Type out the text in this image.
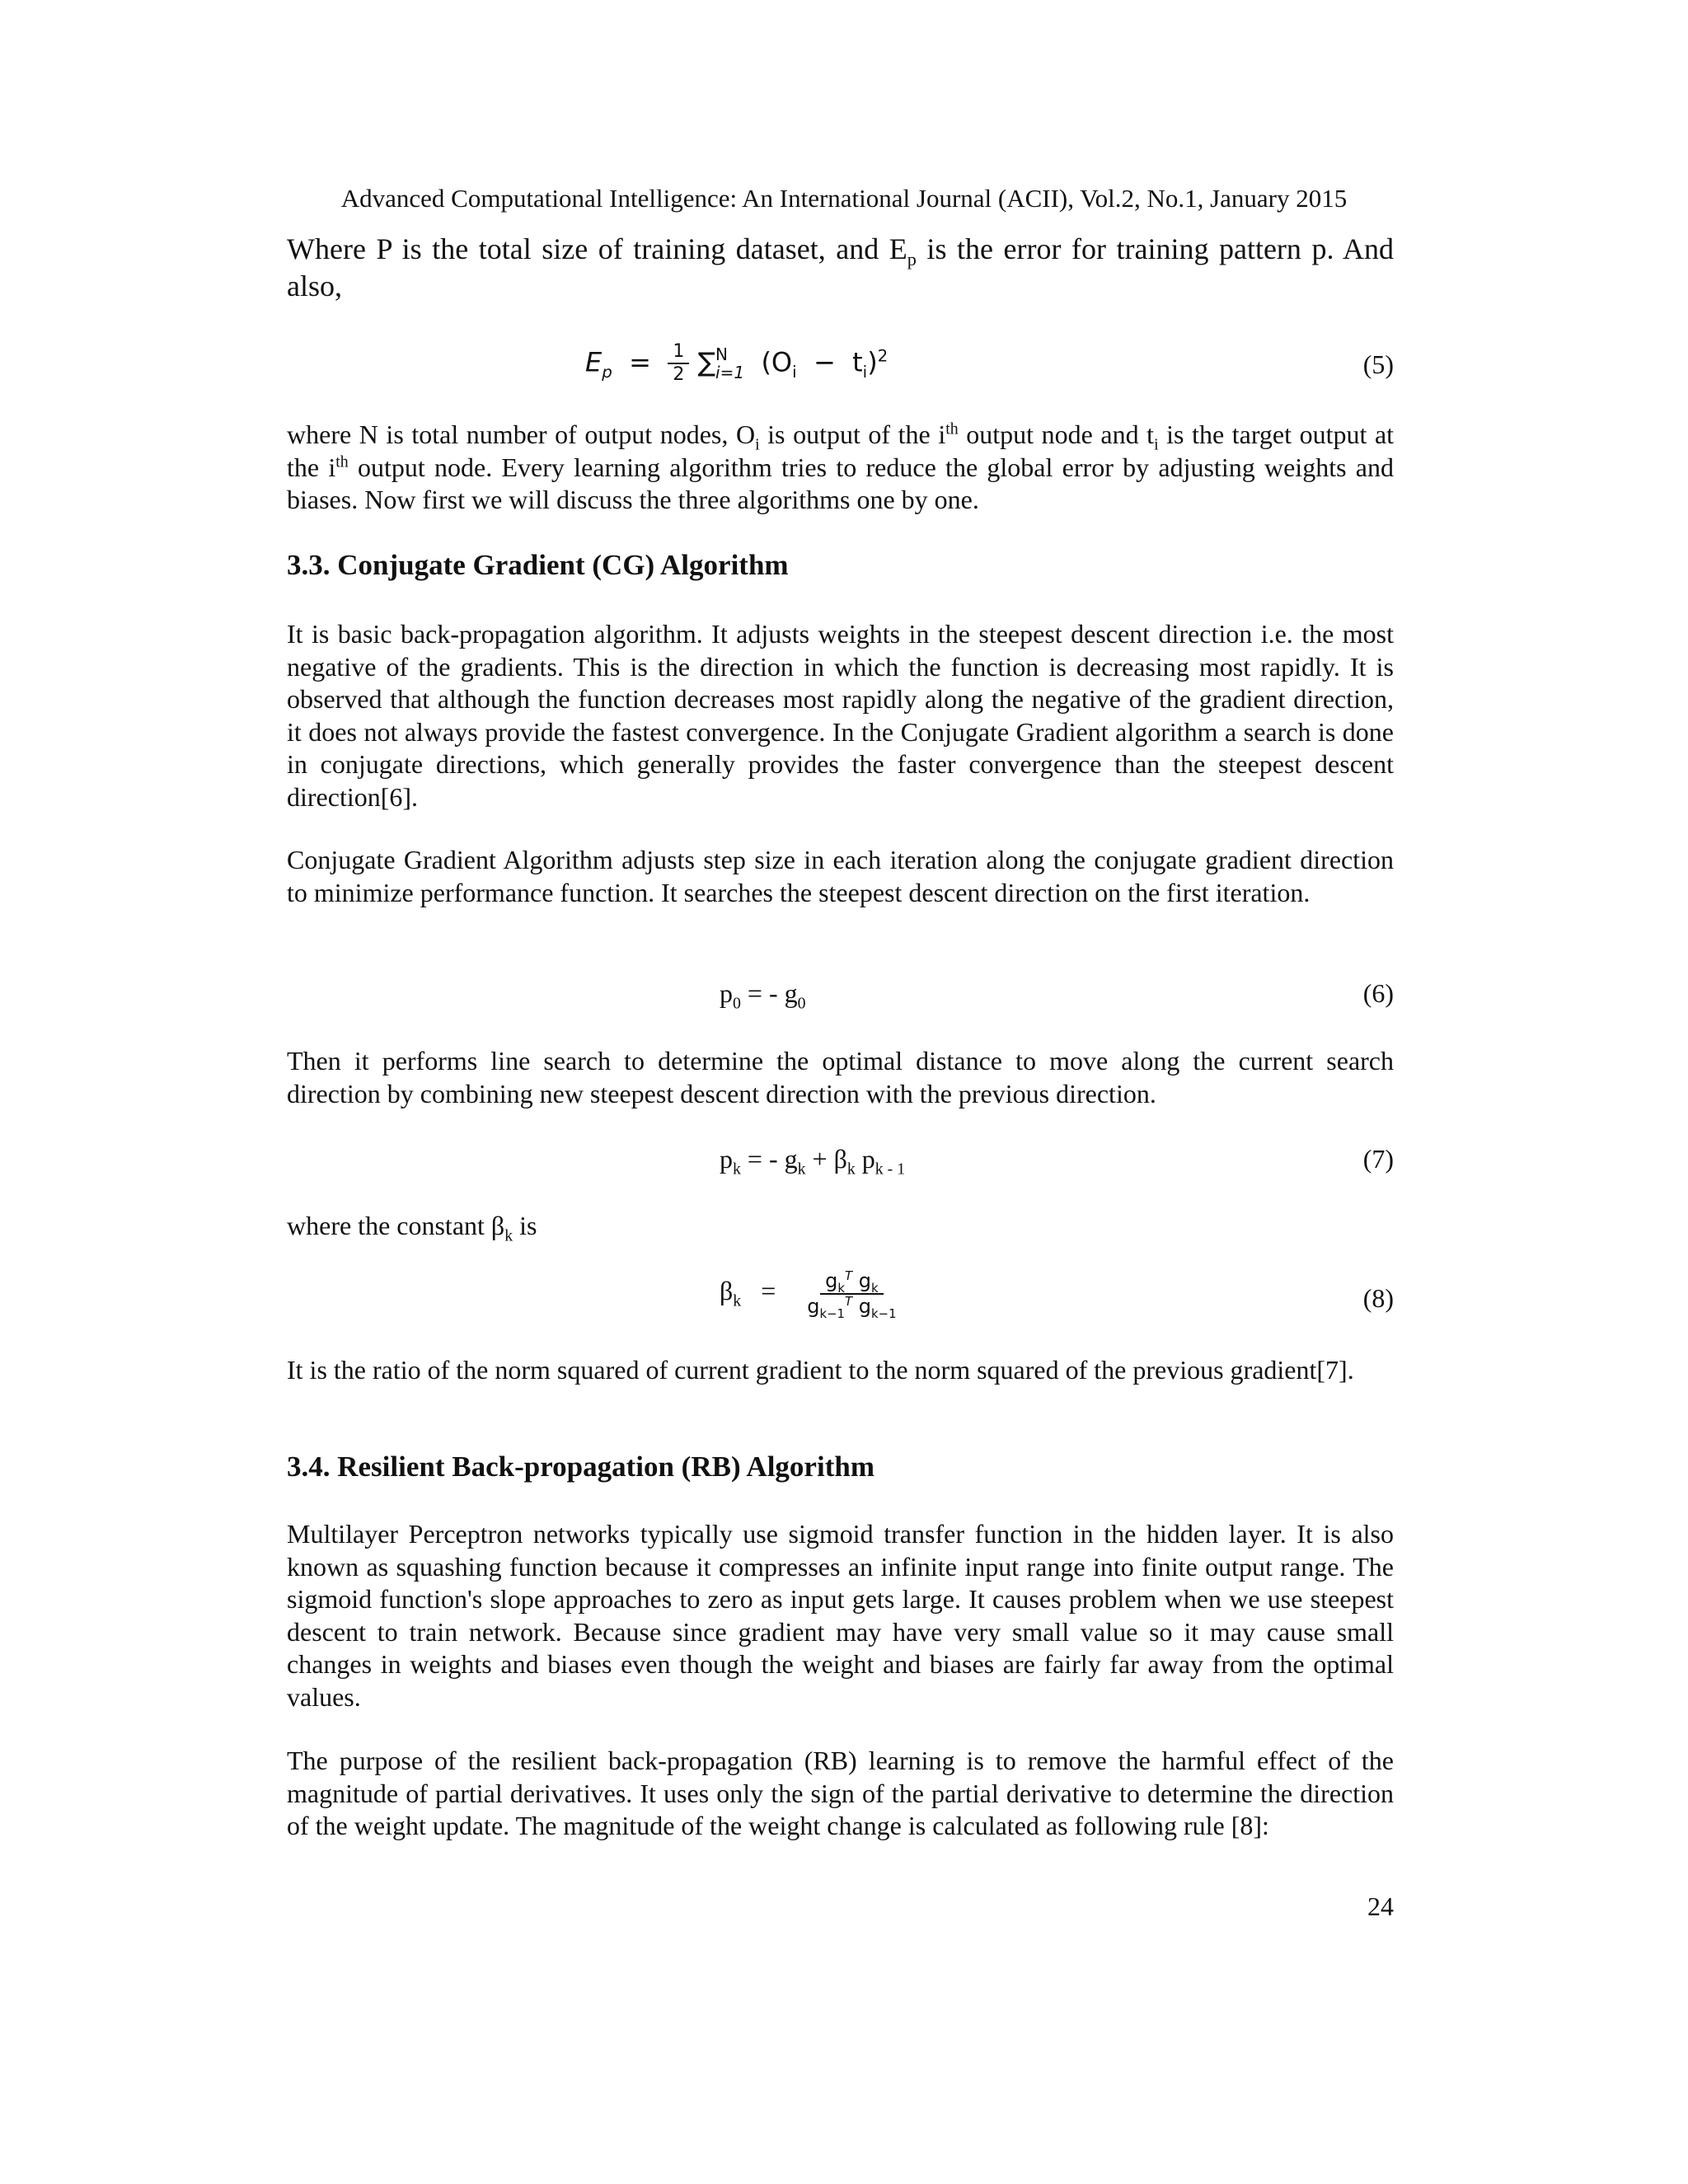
Advanced Computational Intelligence: An International Journal (ACII), Vol.2, No.1, January 2015
Where P is the total size of training dataset, and $E_p$ is the error for training pattern p. And also,
$E_p = \frac{1}{2}$ ∑ N
i=1 $(O_i - t_i)^2$	(5)
where N is total number of output nodes, $O_i$ is output of the $i^{th}$ output node and $t_i$ is the target output at the $i^{th}$ output node. Every learning algorithm tries to reduce the global error by adjusting weights and biases. Now first we will discuss the three algorithms one by one.
3.3. Conjugate Gradient (CG) Algorithm
It is basic back-propagation algorithm. It adjusts weights in the steepest descent direction i.e. the most negative of the gradients. This is the direction in which the function is decreasing most rapidly. It is observed that although the function decreases most rapidly along the negative of the gradient direction, it does not always provide the fastest convergence. In the Conjugate Gradient algorithm a search is done in conjugate directions, which generally provides the faster convergence than the steepest descent direction[6].
Conjugate Gradient Algorithm adjusts step size in each iteration along the conjugate gradient direction to minimize performance function. It searches the steepest descent direction on the first iteration.
$p_0$ = - $g_0$	(6)
Then it performs line search to determine the optimal distance to move along the current search direction by combining new steepest descent direction with the previous direction.
$p_k$ = - $g_k + \beta_k$ $p_{k - 1}$	(7)
where the constant $\beta_k$ is
$\beta_k = \frac{g_k^T g_k}{g_{k-1}^T g_{k-1}}$	(8)
It is the ratio of the norm squared of current gradient to the norm squared of the previous gradient[7].
3.4. Resilient Back-propagation (RB) Algorithm
Multilayer Perceptron networks typically use sigmoid transfer function in the hidden layer. It is also known as squashing function because it compresses an infinite input range into finite output range. The sigmoid function's slope approaches to zero as input gets large. It causes problem when we use steepest descent to train network. Because since gradient may have very small value so it may cause small changes in weights and biases even though the weight and biases are fairly far away from the optimal values.
The purpose of the resilient back-propagation (RB) learning is to remove the harmful effect of the magnitude of partial derivatives. It uses only the sign of the partial derivative to determine the direction of the weight update. The magnitude of the weight change is calculated as following rule [8]:
24
